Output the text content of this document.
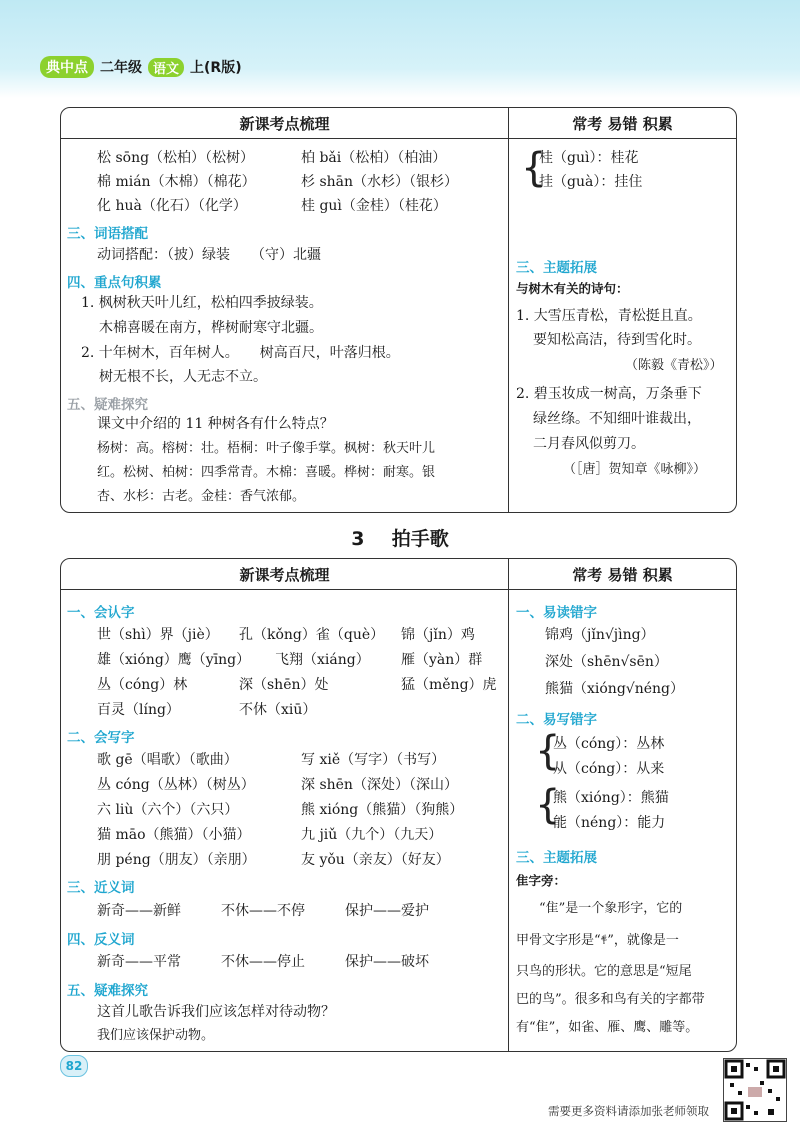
典中点 二年级 语文 上(R版)
新课考点梳理	常考 易错 积累
松 sōng（松柏）（松树）	柏 bǎi（松柏）（柏油）
棉 mián（木棉）（棉花）	杉 shān（水杉）（银杉）
化 huà（化石）（化学）	桂 guì（金桂）（桂花）
三、词语搭配
动词搭配：（披）绿装　　（守）北疆
四、重点句积累
1. 枫树秋天叶儿红，松柏四季披绿装。
木棉喜暖在南方，桦树耐寒守北疆。
2. 十年树木，百年树人。　　树高百尺，叶落归根。
树无根不长，人无志不立。
五、疑难探究
课文中介绍的 11 种树各有什么特点？
杨树：高。榕树：壮。梧桐：叶子像手掌。枫树：秋天叶儿
红。松树、柏树：四季常青。木棉：喜暖。桦树：耐寒。银
杏、水杉：古老。金桂：香气浓郁。
{
桂（guì）：桂花
挂（guà）：挂住
三、主题拓展
与树木有关的诗句：
1. 大雪压青松，青松挺且直。
要知松高洁，待到雪化时。
（陈毅《青松》）
2. 碧玉妆成一树高，万条垂下
绿丝绦。不知细叶谁裁出，
二月春风似剪刀。
（［唐］贺知章《咏柳》）
3 拍手歌
新课考点梳理	常考 易错 积累
一、会认字
世（shì）界（jiè） 孔（kǒng）雀（què） 锦（jǐn）鸡
雄（xióng）鹰（yīng） 飞翔（xiáng） 雁（yàn）群
丛（cóng）林	深（shēn）处	猛（měng）虎
百灵（líng）	不休（xiū）
二、会写字
歌 gē（唱歌）（歌曲）	写 xiě（写字）（书写）
丛 cóng（丛林）（树丛）	深 shēn（深处）（深山）
六 liù（六个）（六只）	熊 xióng（熊猫）（狗熊）
猫 māo（熊猫）（小猫）	九 jiǔ（九个）（九天）
朋 péng（朋友）（亲朋）	友 yǒu（亲友）（好友）
三、近义词
新奇——新鲜	不休——不停	保护——爱护
四、反义词
新奇——平常	不休——停止	保护——破坏
五、疑难探究
这首儿歌告诉我们应该怎样对待动物？
我们应该保护动物。
一、易读错字
锦鸡（jǐn√jìng）
深处（shēn√sēn）
熊猫（xióng√néng）
二、易写错字
{
丛（cóng）：丛林
从（cóng）：从来
{
熊（xióng）：熊猫
能（néng）：能力
三、主题拓展
隹字旁：
“隹”是一个象形字，它的
甲骨文字形是“𐇲”，就像是一
只鸟的形状。它的意思是“短尾
巴的鸟”。很多和鸟有关的字都带
有“隹”，如雀、雁、鹰、雕等。
82
需要更多资料请添加张老师领取
